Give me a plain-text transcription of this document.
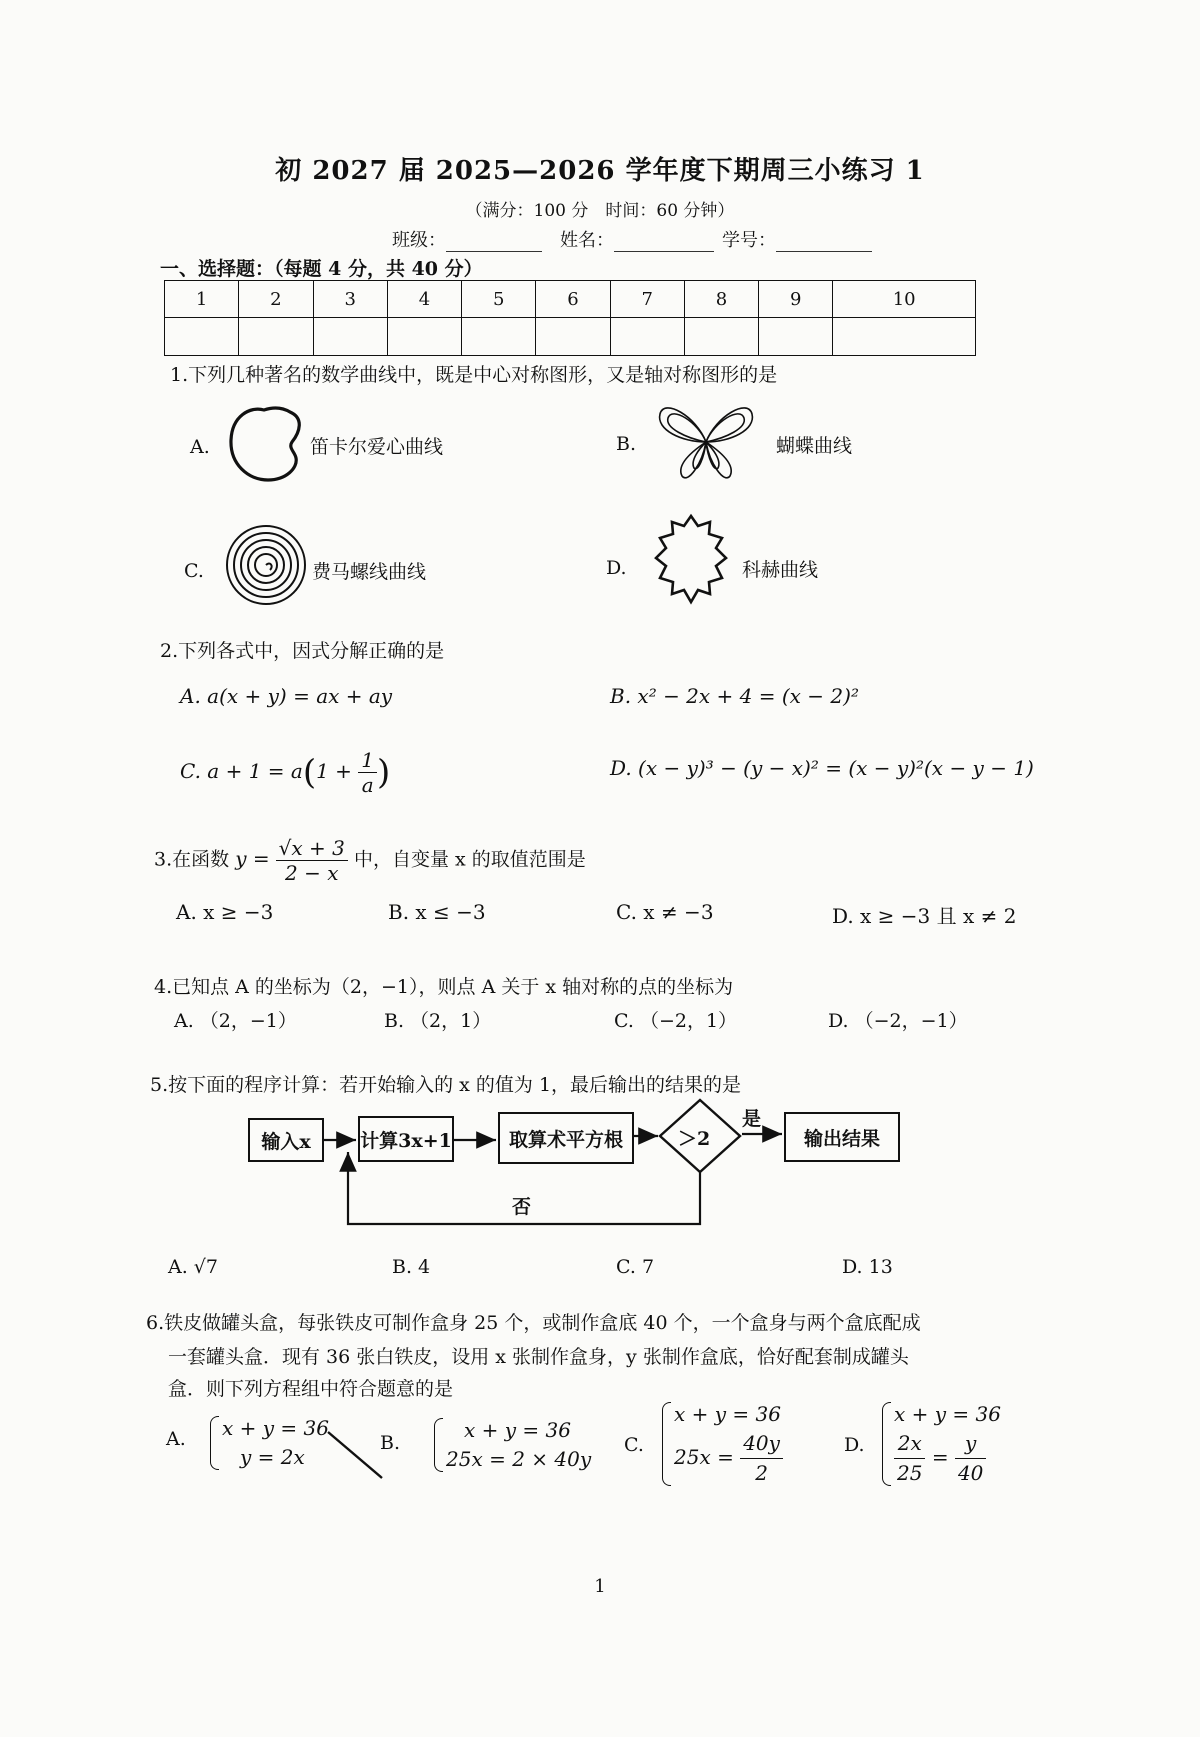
初 2027 届 2025—2026 学年度下期周三小练习 1
（满分：100 分　时间：60 分钟）
班级：	姓名：	学号：
一、选择题：（每题 4 分，共 40 分）
1	2	3	4	5	6	7	8	9	10

1.下列几种著名的数学曲线中，既是中心对称图形，又是轴对称图形的是
A.	笛卡尔爱心曲线	B.	蝴蝶曲线
C.	费马螺线曲线	D.	科赫曲线
2.下列各式中，因式分解正确的是
A. a(x + y) = ax + ay	B. x² − 2x + 4 = (x − 2)²
C. $a + 1 = a(1 + \frac{1}{a}$ )	D. (x − y)³ − (y − x)² = (x − y)²(x − y − 1)
3.在函数 $y = \frac{√x + 3}{2 - x}$ 中，自变量 x 的取值范围是
A. x ≥ −3	B. x ≤ −3	C. x ≠ −3	D. x ≥ −3 且 x ≠ 2
4.已知点 A 的坐标为（2，−1），则点 A 关于 x 轴对称的点的坐标为
A. （2，−1）	B. （2，1）	C. （−2，1）	D. （−2，−1）
5.按下面的程序计算：若开始输入的 x 的值为 1，最后输出的结果的是
输入x	计算3x+1	取算术平方根	＞2
是
输出结果
否
A. √7	B. 4	C. 7	D. 13
6.铁皮做罐头盒，每张铁皮可制作盒身 25 个，或制作盒底 40 个，一个盒身与两个盒底配成
一套罐头盒．现有 36 张白铁皮，设用 x 张制作盒身，y 张制作盒底，恰好配套制成罐头
盒．则下列方程组中符合题意的是
A.	x + y = 36
y = 2x
B.
x + y = 36
25x = 2 × 40y
C.
x + y = 36
$25x = \frac{40y}{2}$	D.
x + y = 36

$\frac{2x}{25} = \frac{y}{40}$
1
